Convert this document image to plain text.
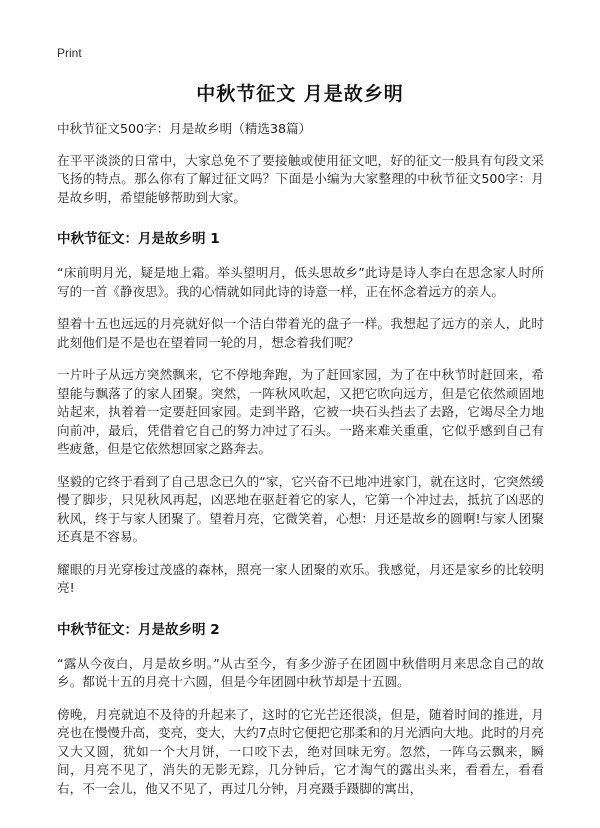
Print
中秋节征文 月是故乡明

中秋节征文500字：月是故乡明（精选38篇）

在平平淡淡的日常中，大家总免不了要接触或使用征文吧，好的征文一般具有句段文采飞扬的特点。那么你有了解过征文吗？下面是小编为大家整理的中秋节征文500字：月是故乡明，希望能够帮助到大家。

中秋节征文：月是故乡明 1

“床前明月光，疑是地上霜。举头望明月，低头思故乡”此诗是诗人李白在思念家人时所写的一首《静夜思》。我的心情就如同此诗的诗意一样，正在怀念着远方的亲人。

望着十五也远远的月亮就好似一个洁白带着光的盘子一样。我想起了远方的亲人，此时此刻他们是不是也在望着同一轮的月，想念着我们呢？

一片叶子从远方突然飘来，它不停地奔跑，为了赶回家园，为了在中秋节时赶回来，希望能与飘落了的家人团聚。突然，一阵秋风吹起，又把它吹向远方，但是它依然顽固地站起来，执着着一定要赶回家园。走到半路，它被一块石头挡去了去路，它竭尽全力地向前冲，最后，凭借着它自己的努力冲过了石头。一路来难关重重，它似乎感到自己有些疲惫，但是它依然想回家之路奔去。

坚毅的它终于看到了自己思念已久的“家，它兴奋不已地冲进家门，就在这时，它突然缓慢了脚步，只见秋风再起，凶恶地在驱赶着它的家人，它第一个冲过去，抵抗了凶恶的秋风，终于与家人团聚了。望着月亮，它微笑着，心想：月还是故乡的圆啊!与家人团聚还真是不容易。

耀眼的月光穿梭过茂盛的森林，照亮一家人团聚的欢乐。我感觉，月还是家乡的比较明亮!

中秋节征文：月是故乡明 2

“露从今夜白，月是故乡明。”从古至今，有多少游子在团圆中秋借明月来思念自己的故乡。都说十五的月亮十六圆，但是今年团圆中秋节却是十五圆。

傍晚，月亮就迫不及待的升起来了，这时的它光芒还很淡，但是，随着时间的推进，月亮也在慢慢升高，变亮，变大，大约7点时它便把它那柔和的月光洒向大地。此时的月亮又大又圆，犹如一个大月饼，一口咬下去，绝对回味无穷。忽然，一阵乌云飘来，瞬间，月亮不见了，消失的无影无踪，几分钟后，它才淘气的露出头来，看看左，看看右，不一会儿，他又不见了，再过几分钟，月亮蹑手蹑脚的寓出，
